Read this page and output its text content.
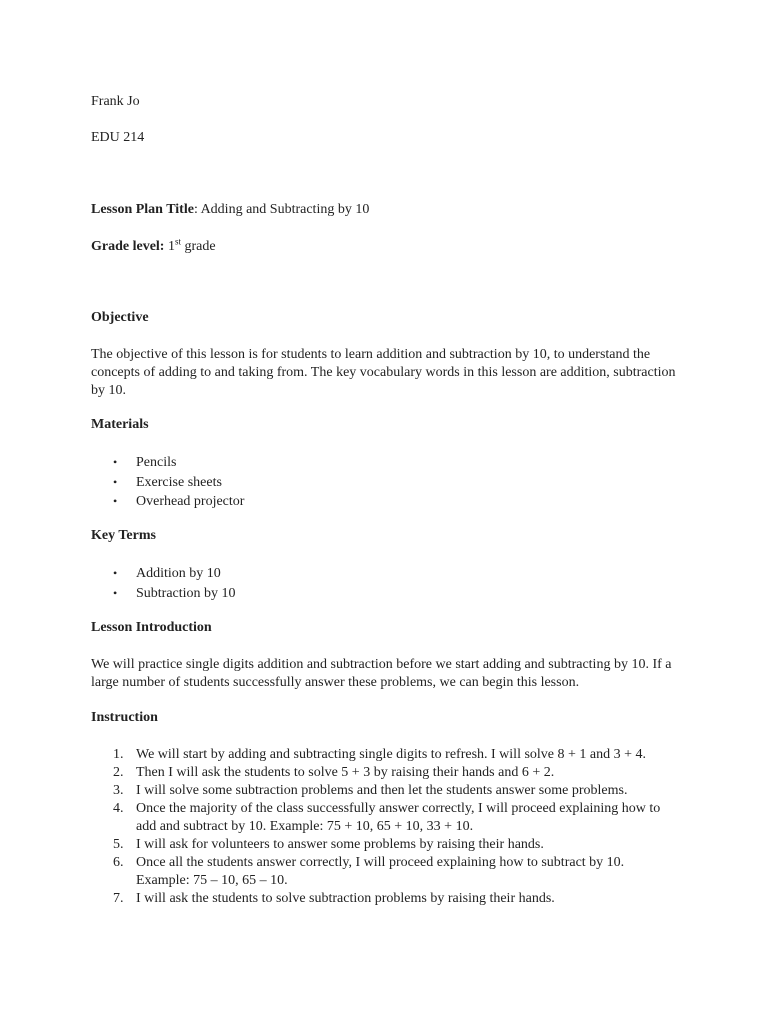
Frank Jo

EDU 214

Lesson Plan Title: Adding and Subtracting by 10

Grade level: 1st grade

Objective

The objective of this lesson is for students to learn addition and subtraction by 10, to understand the concepts of adding to and taking from. The key vocabulary words in this lesson are addition, subtraction by 10.

Materials

• Pencils
• Exercise sheets
• Overhead projector

Key Terms

• Addition by 10
• Subtraction by 10

Lesson Introduction

We will practice single digits addition and subtraction before we start adding and subtracting by 10. If a large number of students successfully answer these problems, we can begin this lesson.

Instruction

1. We will start by adding and subtracting single digits to refresh. I will solve 8 + 1 and 3 + 4.
2. Then I will ask the students to solve 5 + 3 by raising their hands and 6 + 2.
3. I will solve some subtraction problems and then let the students answer some problems.
4. Once the majority of the class successfully answer correctly, I will proceed explaining how to add and subtract by 10. Example: 75 + 10, 65 + 10, 33 + 10.
5. I will ask for volunteers to answer some problems by raising their hands.
6. Once all the students answer correctly, I will proceed explaining how to subtract by 10. Example: 75 – 10, 65 – 10.
7. I will ask the students to solve subtraction problems by raising their hands.
